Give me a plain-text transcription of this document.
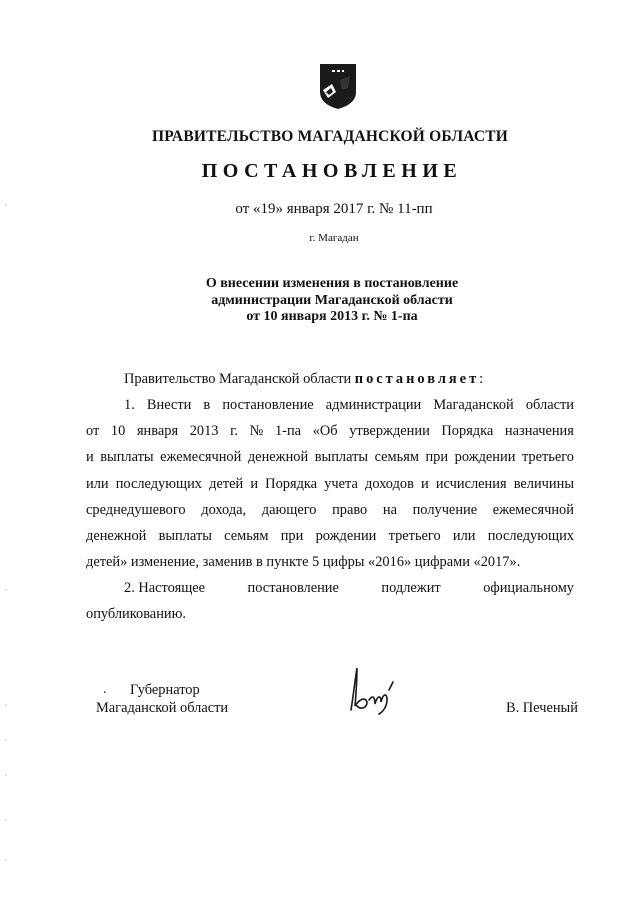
ПРАВИТЕЛЬСТВО МАГАДАНСКОЙ ОБЛАСТИ
ПОСТАНОВЛЕНИЕ
от «19» января 2017 г. № 11-пп
г. Магадан
О внесении изменения в постановление
администрации Магаданской области
от 10 января 2013 г. № 1-па
Правительство Магаданской области
постановляет :
1. Внести в постановление администрации Магаданской области
от 10 января 2013 г. № 1-па «Об утверждении Порядка назначения
и выплаты ежемесячной денежной выплаты семьям при рождении третьего
или последующих детей и Порядка учета доходов и исчисления величины
среднедушевого дохода, дающего право на получение ежемесячной
денежной выплаты семьям при рождении третьего или последующих
детей» изменение, заменив в пункте 5 цифры «2016» цифрами «2017».
2. Настоящее	постановление	подлежит	официальному
опубликованию.
. Губернатор
Магаданской области	В. Печеный
